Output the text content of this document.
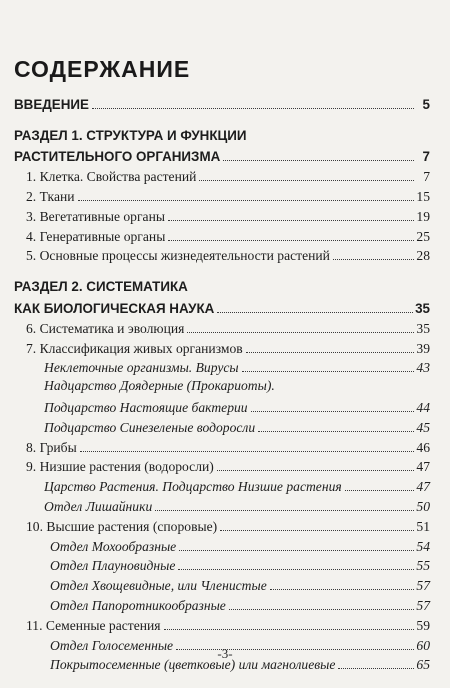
СОДЕРЖАНИЕ
ВВЕДЕНИЕ	5
РАЗДЕЛ 1. СТРУКТУРА И ФУНКЦИИ
РАСТИТЕЛЬНОГО ОРГАНИЗМА	7
1. Клетка. Свойства растений	7
2. Ткани	15
3. Вегетативные органы	19
4. Генеративные органы	25
5. Основные процессы жизнедеятельности растений	28
РАЗДЕЛ 2. СИСТЕМАТИКА
КАК БИОЛОГИЧЕСКАЯ НАУКА	35
6. Систематика и эволюция	35
7. Классификация живых организмов	39
Неклеточные организмы. Вирусы	43
Надцарство Доядерные (Прокариоты).
Подцарство Настоящие бактерии	44
Подцарство Синезеленые водоросли	45
8. Грибы	46
9. Низшие растения (водоросли)	47
Царство Растения. Подцарство Низшие растения	47
Отдел Лишайники	50
10. Высшие растения (споровые)	51
Отдел Мохообразные	54
Отдел Плауновидные	55
Отдел Хвощевидные, или Членистые	57
Отдел Папоротникообразные	57
11. Семенные растения	59
Отдел Голосеменные	60
Покрытосеменные (цветковые) или магнолиевые	65
-3-
